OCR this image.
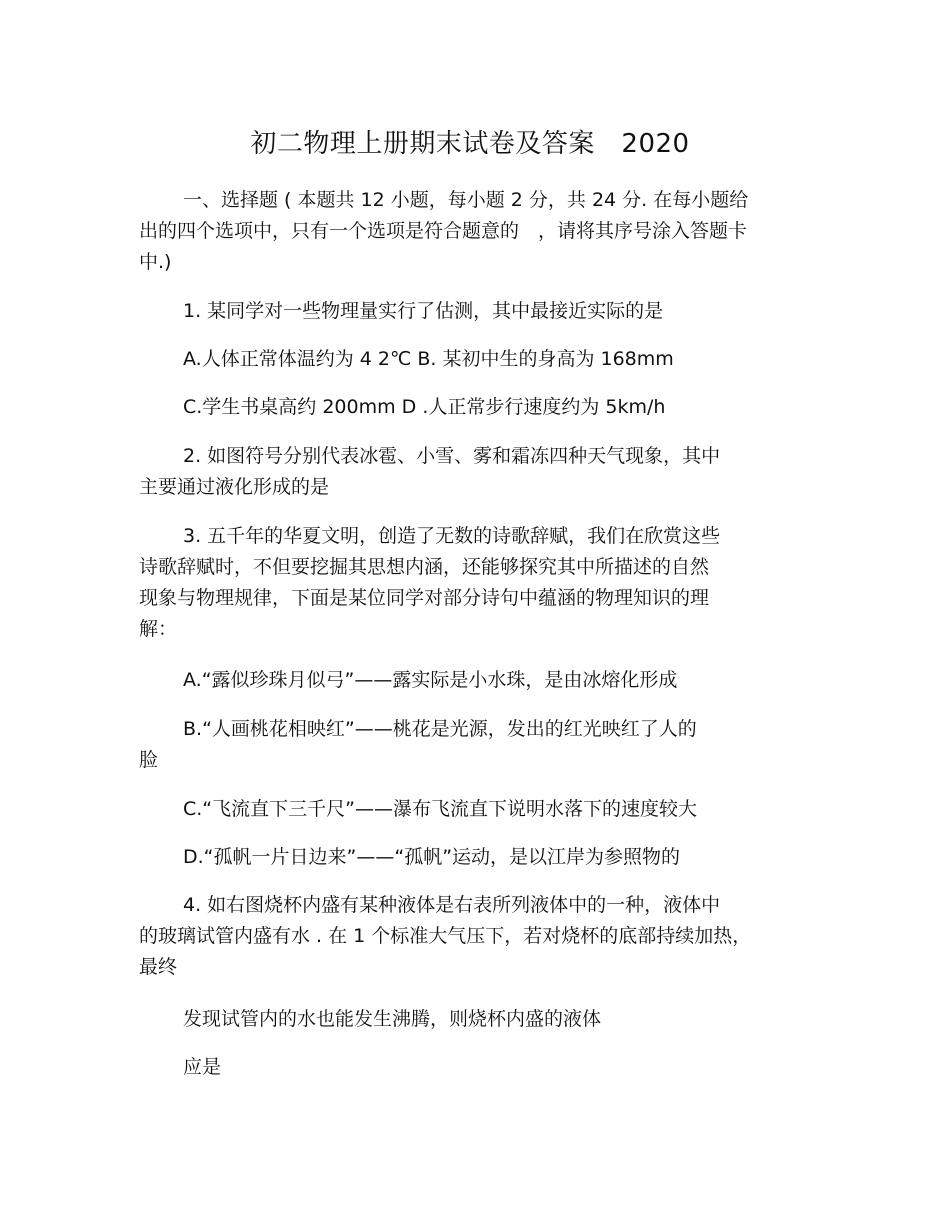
初二物理上册期末试卷及答案　2020
一、选择题 ( 本题共 12 小题，每小题 2 分，共 24 分. 在每小题给
出的四个选项中，只有一个选项是符合题意的　，请将其序号涂入答题卡
中.)
1. 某同学对一些物理量实行了估测，其中最接近实际的是
A.人体正常体温约为 4 2℃ B. 某初中生的身高为 168mm
C.学生书桌高约 200mm D .人正常步行速度约为 5km/h
2. 如图符号分别代表冰雹、小雪、雾和霜冻四种天气现象，其中
主要通过液化形成的是
3. 五千年的华夏文明，创造了无数的诗歌辞赋，我们在欣赏这些
诗歌辞赋时，不但要挖掘其思想内涵，还能够探究其中所描述的自然
现象与物理规律，下面是某位同学对部分诗句中蕴涵的物理知识的理
解：
A.“露似珍珠月似弓”——露实际是小水珠，是由冰熔化形成
B.“人画桃花相映红”——桃花是光源，发出的红光映红了人的
脸
C.“飞流直下三千尺”——瀑布飞流直下说明水落下的速度较大
D.“孤帆一片日边来”——“孤帆”运动，是以江岸为参照物的
4. 如右图烧杯内盛有某种液体是右表所列液体中的一种，液体中
的玻璃试管内盛有水 . 在 1 个标准大气压下，若对烧杯的底部持续加热，
最终
发现试管内的水也能发生沸腾，则烧杯内盛的液体
应是
